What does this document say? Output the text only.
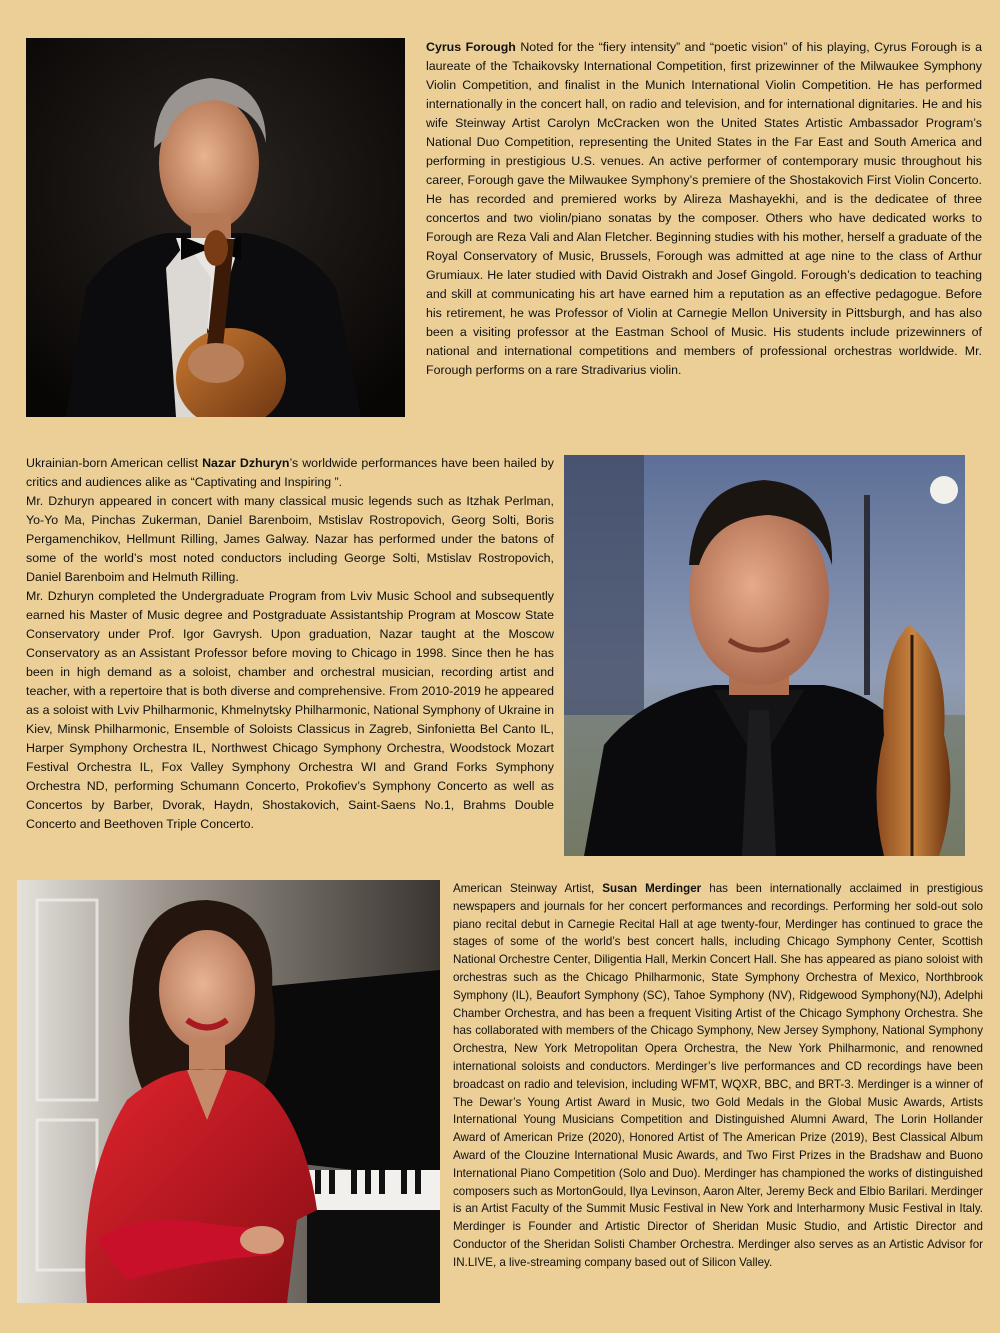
Cyrus Forough Noted for the “fiery intensity” and “poetic vision” of his playing, Cyrus Forough is a laureate of the Tchaikovsky International Competition, first prizewinner of the Milwaukee Symphony Violin Competition, and finalist in the Munich International Violin Competition. He has performed internationally in the concert hall, on radio and television, and for international dignitaries. He and his wife Steinway Artist Carolyn McCracken won the United States Artistic Ambassador Program’s National Duo Competition, representing the United States in the Far East and South America and performing in prestigious U.S. venues. An active performer of contemporary music throughout his career, Forough gave the Milwaukee Symphony’s premiere of the Shostakovich First Violin Concerto. He has recorded and premiered works by Alireza Mashayekhi, and is the dedicatee of three concertos and two violin/piano sonatas by the composer. Others who have dedicated works to Forough are Reza Vali and Alan Fletcher. Beginning studies with his mother, herself a graduate of the Royal Conservatory of Music, Brussels, Forough was admitted at age nine to the class of Arthur Grumiaux. He later studied with David Oistrakh and Josef Gingold. Forough’s dedication to teaching and skill at communicating his art have earned him a reputation as an effective pedagogue. Before his retirement, he was Professor of Violin at Carnegie Mellon University in Pittsburgh, and has also been a visiting professor at the Eastman School of Music. His students include prizewinners of national and international competitions and members of professional orchestras worldwide. Mr. Forough performs on a rare Stradivarius violin.

Ukrainian-born American cellist Nazar Dzhuryn’s worldwide performances have been hailed by critics and audiences alike as “Captivating and Inspiring ”.

Mr. Dzhuryn appeared in concert with many classical music legends such as Itzhak Perlman, Yo-Yo Ma, Pinchas Zukerman, Daniel Barenboim, Mstislav Rostropovich, Georg Solti, Boris Pergamenchikov, Hellmunt Rilling, James Galway. Nazar has performed under the batons of some of the world’s most noted conductors including George Solti, Mstislav Rostropovich, Daniel Barenboim and Helmuth Rilling.

Mr. Dzhuryn completed the Undergraduate Program from Lviv Music School and subsequently earned his Master of Music degree and Postgraduate Assistantship Program at Moscow State Conservatory under Prof. Igor Gavrysh. Upon graduation, Nazar taught at the Moscow Conservatory as an Assistant Professor before moving to Chicago in 1998. Since then he has been in high demand as a soloist, chamber and orchestral musician, recording artist and teacher, with a repertoire that is both diverse and comprehensive. From 2010-2019 he appeared as a soloist with Lviv Philharmonic, Khmelnytsky Philharmonic, National Symphony of Ukraine in Kiev, Minsk Philharmonic, Ensemble of Soloists Classicus in Zagreb, Sinfonietta Bel Canto IL, Harper Symphony Orchestra IL, Northwest Chicago Symphony Orchestra, Woodstock Mozart Festival Orchestra IL, Fox Valley Symphony Orchestra WI and Grand Forks Symphony Orchestra ND, performing Schumann Concerto, Prokofiev’s Symphony Concerto as well as Concertos by Barber, Dvorak, Haydn, Shostakovich, Saint-Saens No.1, Brahms Double Concerto and Beethoven Triple Concerto.

American Steinway Artist, Susan Merdinger has been internationally acclaimed in prestigious newspapers and journals for her concert performances and recordings. Performing her sold-out solo piano recital debut in Carnegie Recital Hall at age twenty-four, Merdinger has continued to grace the stages of some of the world’s best concert halls, including Chicago Symphony Center, Scottish National Orchestre Center, Diligentia Hall, Merkin Concert Hall. She has appeared as piano soloist with orchestras such as the Chicago Philharmonic, State Symphony Orchestra of Mexico, Northbrook Symphony (IL), Beaufort Symphony (SC), Tahoe Symphony (NV), Ridgewood Symphony(NJ), Adelphi Chamber Orchestra, and has been a frequent Visiting Artist of the Chicago Symphony Orchestra. She has collaborated with members of the Chicago Symphony, New Jersey Symphony, National Symphony Orchestra, New York Metropolitan Opera Orchestra, the New York Philharmonic, and renowned international soloists and conductors. Merdinger’s live performances and CD recordings have been broadcast on radio and television, including WFMT, WQXR, BBC, and BRT-3. Merdinger is a winner of The Dewar’s Young Artist Award in Music, two Gold Medals in the Global Music Awards, Artists International Young Musicians Competition and Distinguished Alumni Award, The Lorin Hollander Award of American Prize (2020), Honored Artist of The American Prize (2019), Best Classical Album Award of the Clouzine International Music Awards, and Two First Prizes in the Bradshaw and Buono International Piano Competition (Solo and Duo). Merdinger has championed the works of distinguished composers such as MortonGould, Ilya Levinson, Aaron Alter, Jeremy Beck and Elbio Barilari. Merdinger is an Artist Faculty of the Summit Music Festival in New York and Interharmony Music Festival in Italy. Merdinger is Founder and Artistic Director of Sheridan Music Studio, and Artistic Director and Conductor of the Sheridan Solisti Chamber Orchestra. Merdinger also serves as an Artistic Advisor for IN.LIVE, a live-streaming company based out of Silicon Valley.
